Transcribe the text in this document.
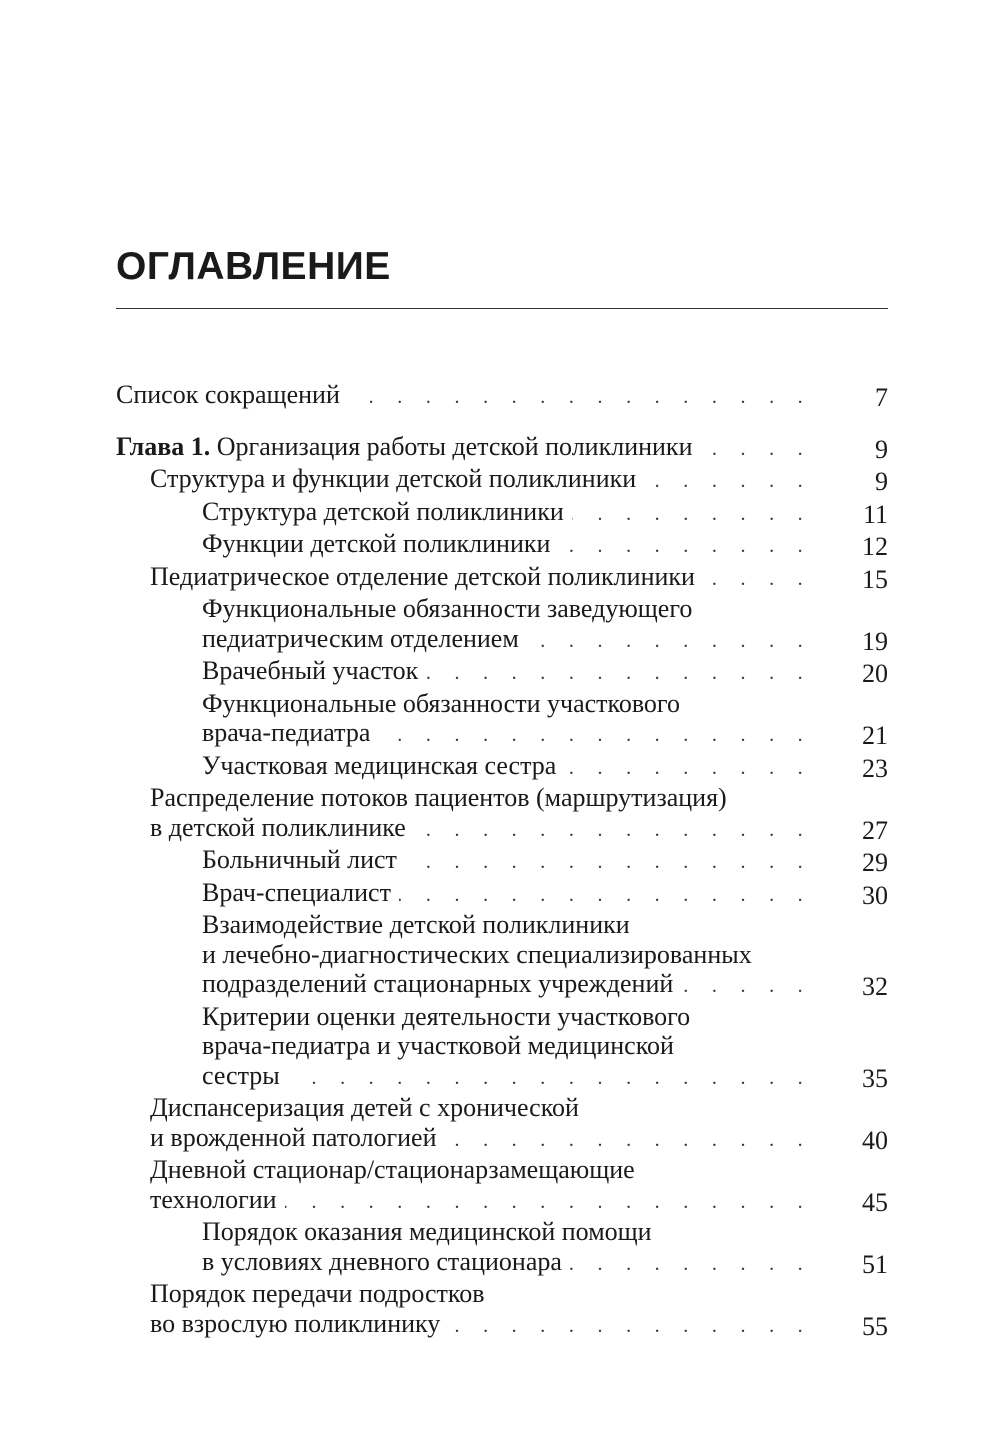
ОГЛАВЛЕНИЕ
Список сокращений . . .	7
Глава 1. Организация работы детской поликлиники . . .	9
Структура и функции детской поликлиники . . .	9
Структура детской поликлиники . . .	11
Функции детской поликлиники . . .	12
Педиатрическое отделение детской поликлиники . . .	15
Функциональные обязанности заведующего
педиатрическим отделением . . .	19
Врачебный участок . . .	20
Функциональные обязанности участкового
врача-педиатра . . .	21
Участковая медицинская сестра . . .	23
Распределение потоков пациентов (маршрутизация)
в детской поликлинике . . .	27
Больничный лист . . .	29
Врач-специалист . . .	30
Взаимодействие детской поликлиники
и лечебно-диагностических специализированных
подразделений стационарных учреждений . . .	32
Критерии оценки деятельности участкового
врача-педиатра и участковой медицинской
сестры . . .	35
Диспансеризация детей с хронической
и врожденной патологией . . .	40
Дневной стационар/стационарзамещающие
технологии . . .	45
Порядок оказания медицинской помощи
в условиях дневного стационара . . .	51
Порядок передачи подростков
во взрослую поликлинику . . .	55
